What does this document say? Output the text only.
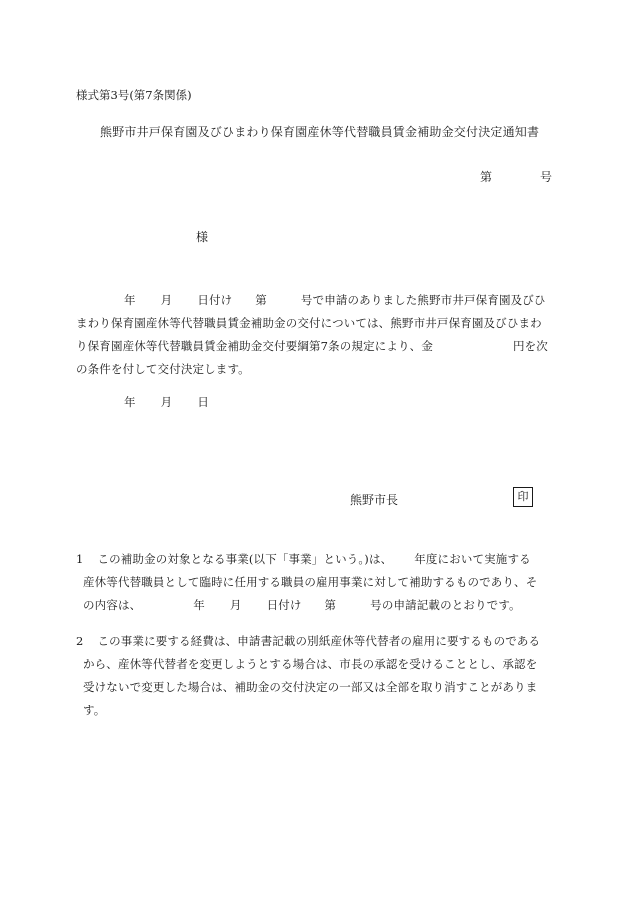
様式第3号(第7条関係)
熊野市井戸保育園及びひまわり保育園産休等代替職員賃金補助金交付決定通知書
第	号
様
年 月 日付け 第	号で申請のありました熊野市井戸保育園及びひ
まわり保育園産休等代替職員賃金補助金の交付については、熊野市井戸保育園及びひまわ
り保育園産休等代替職員賃金補助金交付要綱第7条の規定により、金	円を次
の条件を付して交付決定します。
年 月 日
熊野市長	印
1 この補助金の対象となる事業(以下「事業」という。)は、 年度において実施する
産休等代替職員として臨時に任用する職員の雇用事業に対して補助するものであり、そ
の内容は、	年 月 日付け 第	号の申請記載のとおりです。
2 この事業に要する経費は、申請書記載の別紙産休等代替者の雇用に要するものである
から、産休等代替者を変更しようとする場合は、市長の承認を受けることとし、承認を
受けないで変更した場合は、補助金の交付決定の一部又は全部を取り消すことがありま
す。
